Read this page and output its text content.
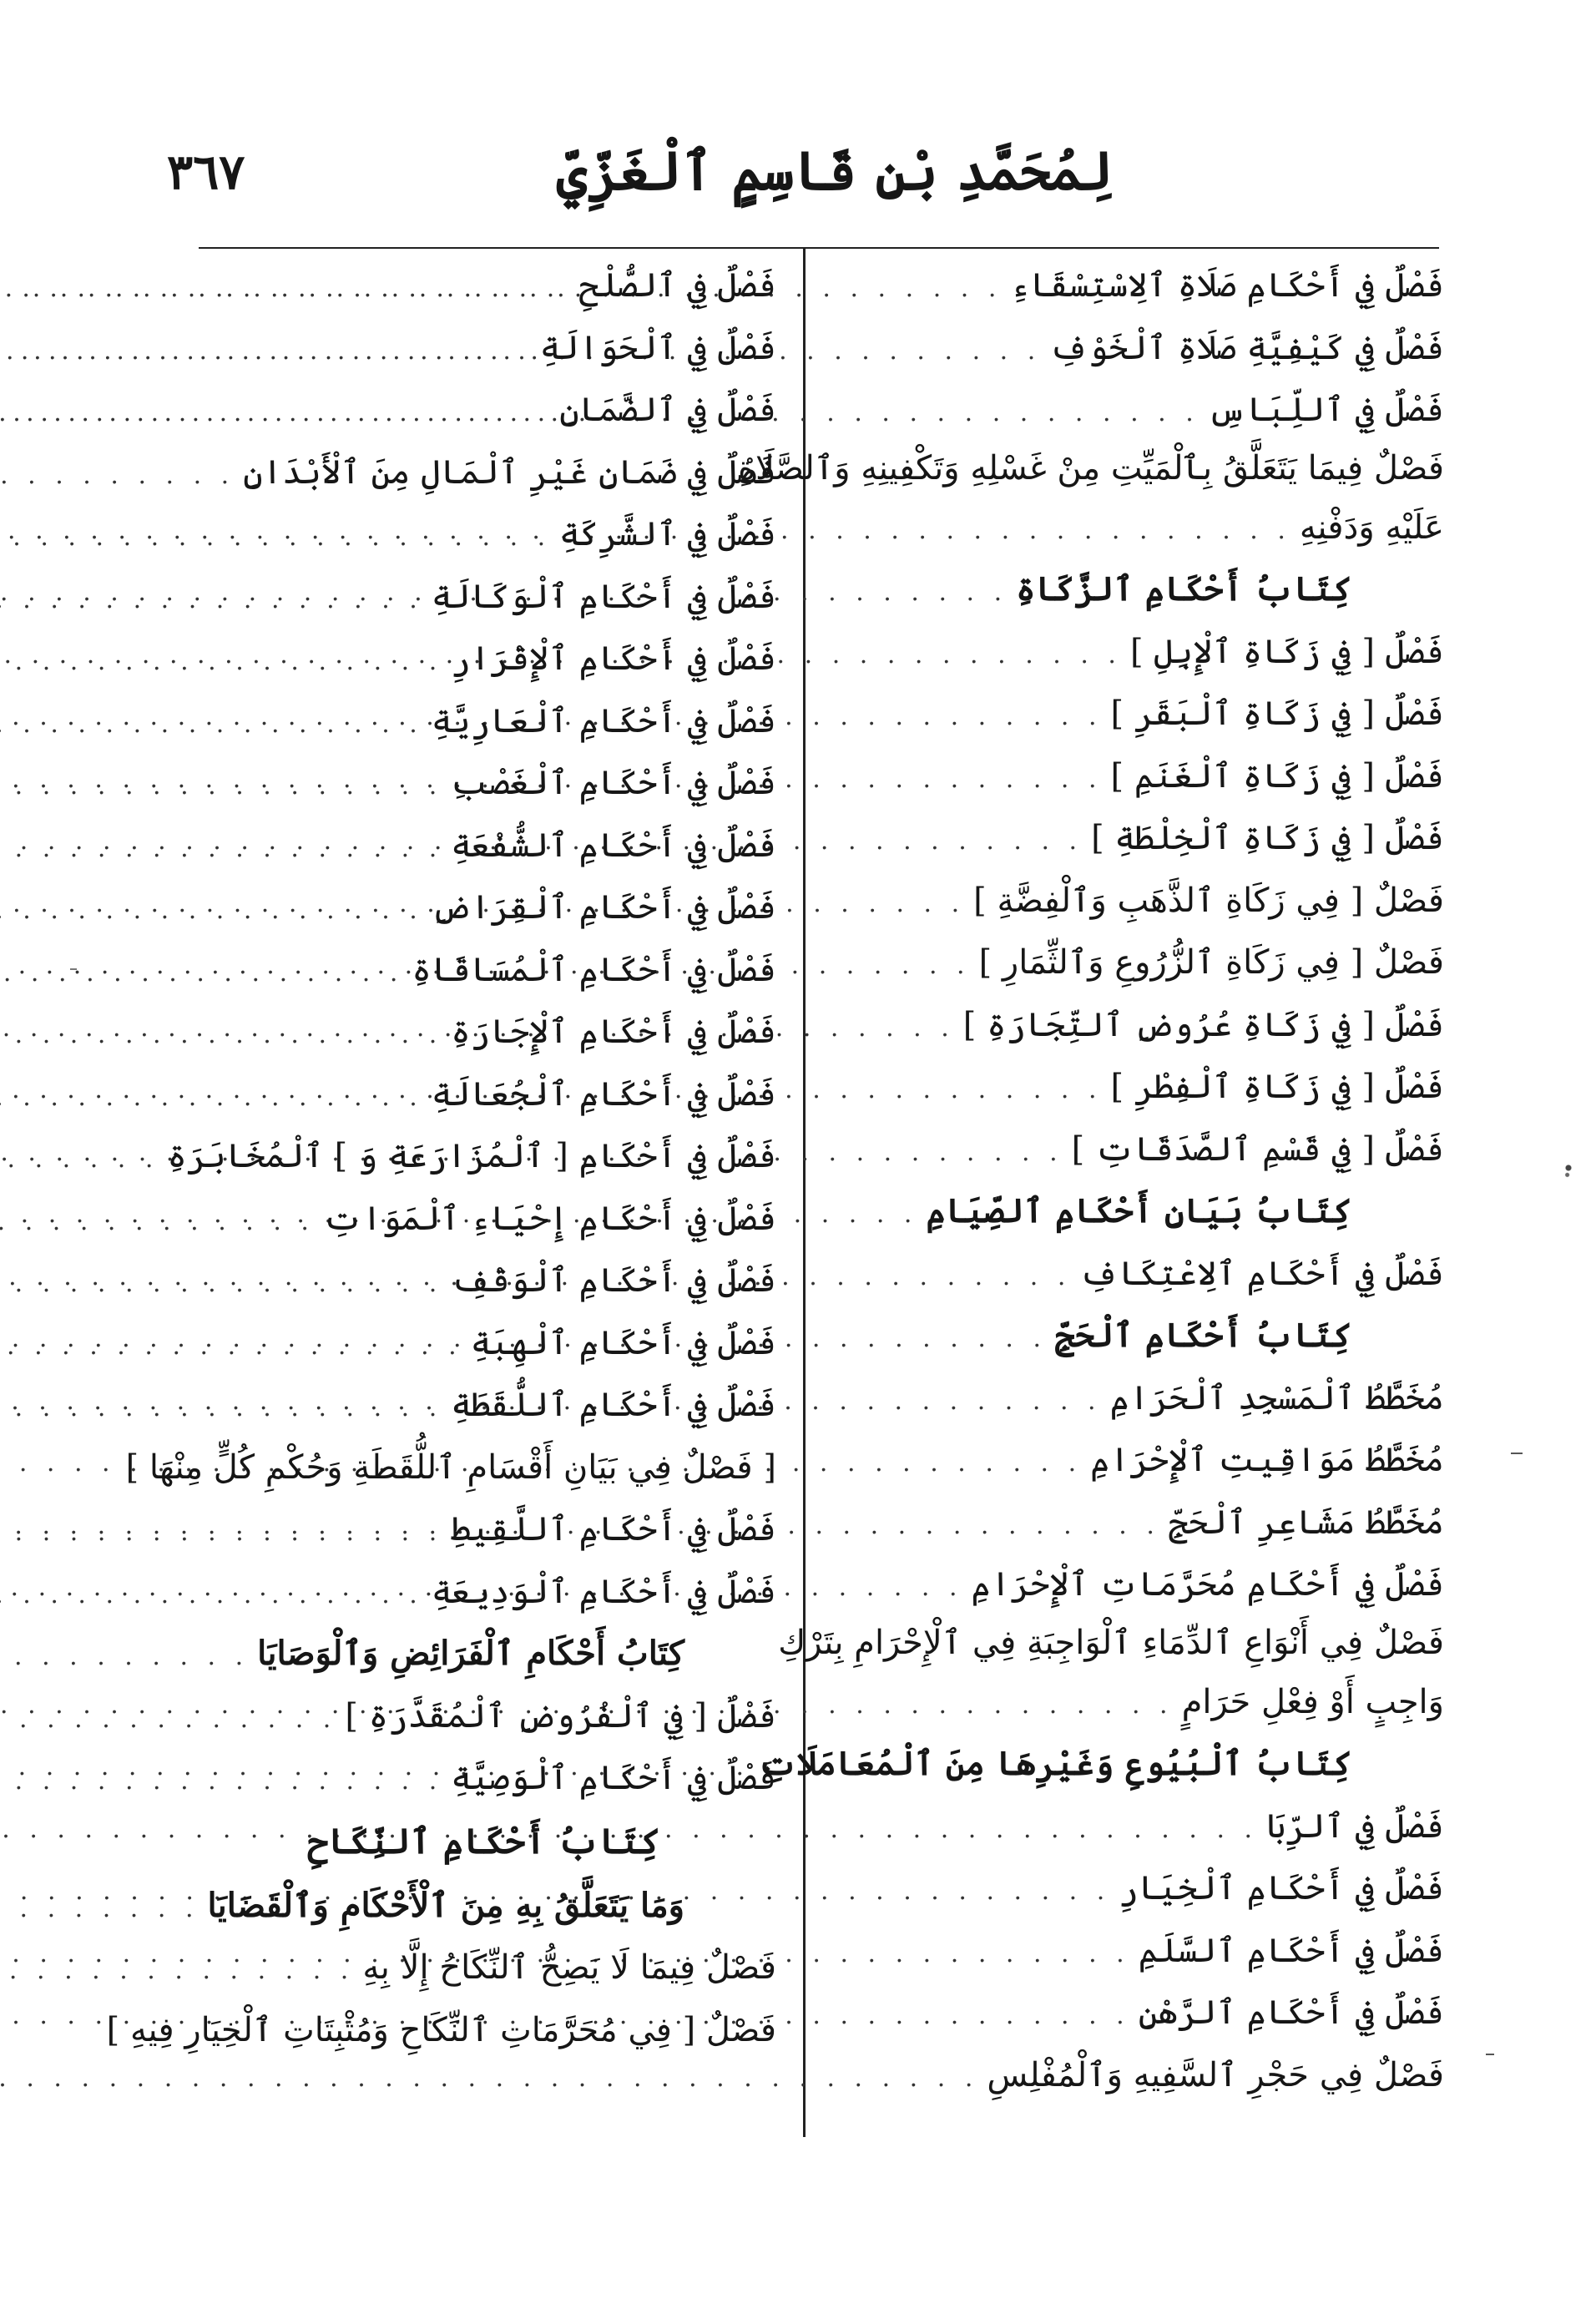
٣٦٧	لِمُحَمَّدِ بْنِ قَاسِمٍ ٱلْغَزِّيِّ
فَصْلٌ فِي أَحْكَامِ صَلَاةِ ٱلِاسْتِسْقَاءِ
. . .
فَصْلٌ فِي كَيْفِيَّةِ صَلَاةِ ٱلْخَوْفِ
. . .
فَصْلٌ فِي ٱللِّبَاسِ
. . .
فَصْلٌ فِيمَا يَتَعَلَّقُ بِٱلْمَيِّتِ مِنْ غَسْلِهِ وَتَكْفِينِهِ وَٱلصَّلَاةِ
عَلَيْهِ وَدَفْنِهِ
. . .
كِتَابُ أَحْكَامِ ٱلزَّكَاةِ
. . .
فَصْلٌ [ فِي زَكَاةِ ٱلْإِبِلِ ]
. . .
فَصْلٌ [ فِي زَكَاةِ ٱلْبَقَرِ ]
. . .
فَصْلٌ [ فِي زَكَاةِ ٱلْغَنَمِ ]
. . .
فَصْلٌ [ فِي زَكَاةِ ٱلْخِلْطَةِ ]
. . .
فَصْلٌ [ فِي زَكَاةِ ٱلذَّهَبِ وَٱلْفِضَّةِ ]
. . .
فَصْلٌ [ فِي زَكَاةِ ٱلزُّرُوعِ وَٱلثِّمَارِ ]
. . .
فَصْلٌ [ فِي زَكَاةِ عُرُوضِ ٱلتِّجَارَةِ ]
. . .
فَصْلٌ [ فِي زَكَاةِ ٱلْفِطْرِ ]
. . .
فَصْلٌ [ فِي قَسْمِ ٱلصَّدَقَاتِ ]
. . .
كِتَابُ بَيَانِ أَحْكَامِ ٱلصِّيَامِ
. . .
فَصْلٌ فِي أَحْكَامِ ٱلِاعْتِكَافِ
. . .
كِتَابُ أَحْكَامِ ٱلْحَجِّ
. . .
مُخَطَّطُ ٱلْمَسْجِدِ ٱلْحَرَامِ
. . .
مُخَطَّطُ مَوَاقِيتِ ٱلْإِحْرَامِ
. . .
مُخَطَّطُ مَشَاعِرِ ٱلْحَجِّ
. . .
فَصْلٌ فِي أَحْكَامِ مُحَرَّمَاتِ ٱلْإِحْرَامِ
. . .
فَصْلٌ فِي أَنْوَاعِ ٱلدِّمَاءِ ٱلْوَاجِبَةِ فِي ٱلْإِحْرَامِ بِتَرْكِ
وَاجِبٍ أَوْ فِعْلِ حَرَامٍ
. . .
كِتَابُ ٱلْبُيُوعِ وَغَيْرِهَا مِنَ ٱلْمُعَامَلَاتِ
. . .
فَصْلٌ فِي ٱلرِّبَا
. . .
فَصْلٌ فِي أَحْكَامِ ٱلْخِيَارِ
. . .
فَصْلٌ فِي أَحْكَامِ ٱلسَّلَمِ
. . .
فَصْلٌ فِي أَحْكَامِ ٱلرَّهْنِ
. . .
فَصْلٌ فِي حَجْرِ ٱلسَّفِيهِ وَٱلْمُفْلِسِ
. . .
فَصْلٌ فِي ٱلصُّلْحِ
. . .
فَصْلٌ فِي ٱلْحَوَالَةِ
. . .
فَصْلٌ فِي ٱلضَّمَانِ
. . .
فَصْلٌ فِي ضَمَانِ غَيْرِ ٱلْمَالِ مِنَ ٱلْأَبْدَانِ
. . .
فَصْلٌ فِي ٱلشَّرِكَةِ
. . .
فَصْلٌ فِي أَحْكَامِ ٱلْوَكَالَةِ
. . .
فَصْلٌ فِي أَحْكَامِ ٱلْإِقْرَارِ
. . .
فَصْلٌ فِي أَحْكَامِ ٱلْعَارِيَّةِ
. . .
فَصْلٌ فِي أَحْكَامِ ٱلْغَصْبِ
. . .
فَصْلٌ فِي أَحْكَامِ ٱلشُّفْعَةِ
. . .
فَصْلٌ فِي أَحْكَامِ ٱلْقِرَاضِ
. . .
فَصْلٌ فِي أَحْكَامِ ٱلْمُسَاقَاةِ
. . .
فَصْلٌ فِي أَحْكَامِ ٱلْإِجَارَةِ
. . .
فَصْلٌ فِي أَحْكَامِ ٱلْجُعَالَةِ
. . .
فَصْلٌ فِي أَحْكَامِ [ ٱلْمُزَارَعَةِ وَ ] ٱلْمُخَابَرَةِ
. . .
فَصْلٌ فِي أَحْكَامِ إِحْيَاءِ ٱلْمَوَاتِ
. . .
فَصْلٌ فِي أَحْكَامِ ٱلْوَقْفِ
. . .
فَصْلٌ فِي أَحْكَامِ ٱلْهِبَةِ
. . .
فَصْلٌ فِي أَحْكَامِ ٱللُّقَطَةِ
. . .
[ فَصْلٌ فِي بَيَانِ أَقْسَامِ ٱللُّقَطَةِ وَحُكْمِ كُلٍّ مِنْهَا ]
فَصْلٌ فِي أَحْكَامِ ٱللَّقِيطِ
. . .
فَصْلٌ فِي أَحْكَامِ ٱلْوَدِيعَةِ
. . .
كِتَابُ أَحْكَامِ ٱلْفَرَائِضِ وَٱلْوَصَايَا
. . .
فَصْلٌ [ فِي ٱلْفُرُوضِ ٱلْمُقَدَّرَةِ ]
. . .
فَصْلٌ فِي أَحْكَامِ ٱلْوَصِيَّةِ
. . .
كِتَابُ أَحْكَامِ ٱلنِّكَاحِ
وَمَا يَتَعَلَّقُ بِهِ مِنَ ٱلْأَحْكَامِ وَٱلْقَضَايَا
. . .
فَصْلٌ فِيمَا لَا يَصِحُّ ٱلنِّكَاحُ إِلَّا بِهِ
. . .
فَصْلٌ [ فِي مُحَرَّمَاتِ ٱلنِّكَاحِ وَمُثْبِتَاتِ ٱلْخِيَارِ فِيهِ ]
